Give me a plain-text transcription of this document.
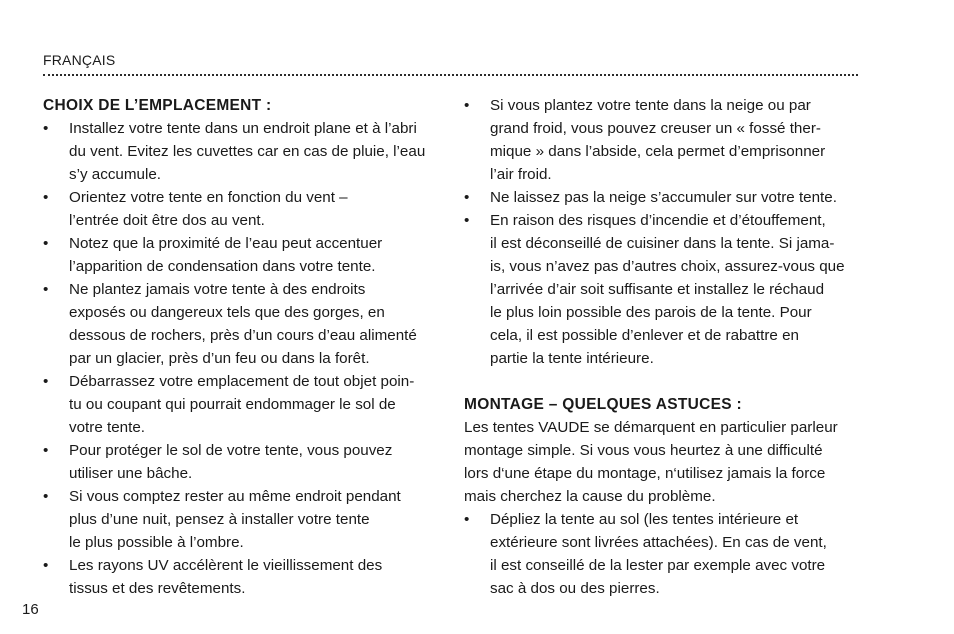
FRANÇAIS
CHOIX DE L’EMPLACEMENT :
• Installez votre tente dans un endroit plane et à l’abri
du vent. Evitez les cuvettes car en cas de pluie, l’eau
s’y accumule.
• Orientez votre tente en fonction du vent –
l’entrée doit être dos au vent.
• Notez que la proximité de l’eau peut accentuer
l’apparition de condensation dans votre tente.
• Ne plantez jamais votre tente à des endroits
exposés ou dangereux tels que des gorges, en
dessous de rochers, près d’un cours d’eau alimenté
par un glacier, près d’un feu ou dans la forêt.
• Débarrassez votre emplacement de tout objet poin-
tu ou coupant qui pourrait endommager le sol de
votre tente.
• Pour protéger le sol de votre tente, vous pouvez
utiliser une bâche.
• Si vous comptez rester au même endroit pendant
plus d’une nuit, pensez à installer votre tente
le plus possible à l’ombre.
• Les rayons UV accélèrent le vieillissement des
tissus et des revêtements.
• Si vous plantez votre tente dans la neige ou par
grand froid, vous pouvez creuser un « fossé ther-
mique » dans l’abside, cela permet d’emprisonner
l’air froid.
• Ne laissez pas la neige s’accumuler sur votre tente.
• En raison des risques d’incendie et d’étouffement,
il est déconseillé de cuisiner dans la tente. Si jama-
is, vous n’avez pas d’autres choix, assurez-vous que
l’arrivée d’air soit suffisante et installez le réchaud
le plus loin possible des parois de la tente. Pour
cela, il est possible d’enlever et de rabattre en
partie la tente intérieure.
MONTAGE – QUELQUES ASTUCES :
Les tentes VAUDE se démarquent en particulier parleur
montage simple. Si vous vous heurtez à une difficulté
lors d‘une étape du montage, n‘utilisez jamais la force
mais cherchez la cause du problème.
• Dépliez la tente au sol (les tentes intérieure et
extérieure sont livrées attachées). En cas de vent,
il est conseillé de la lester par exemple avec votre
sac à dos ou des pierres.
16
